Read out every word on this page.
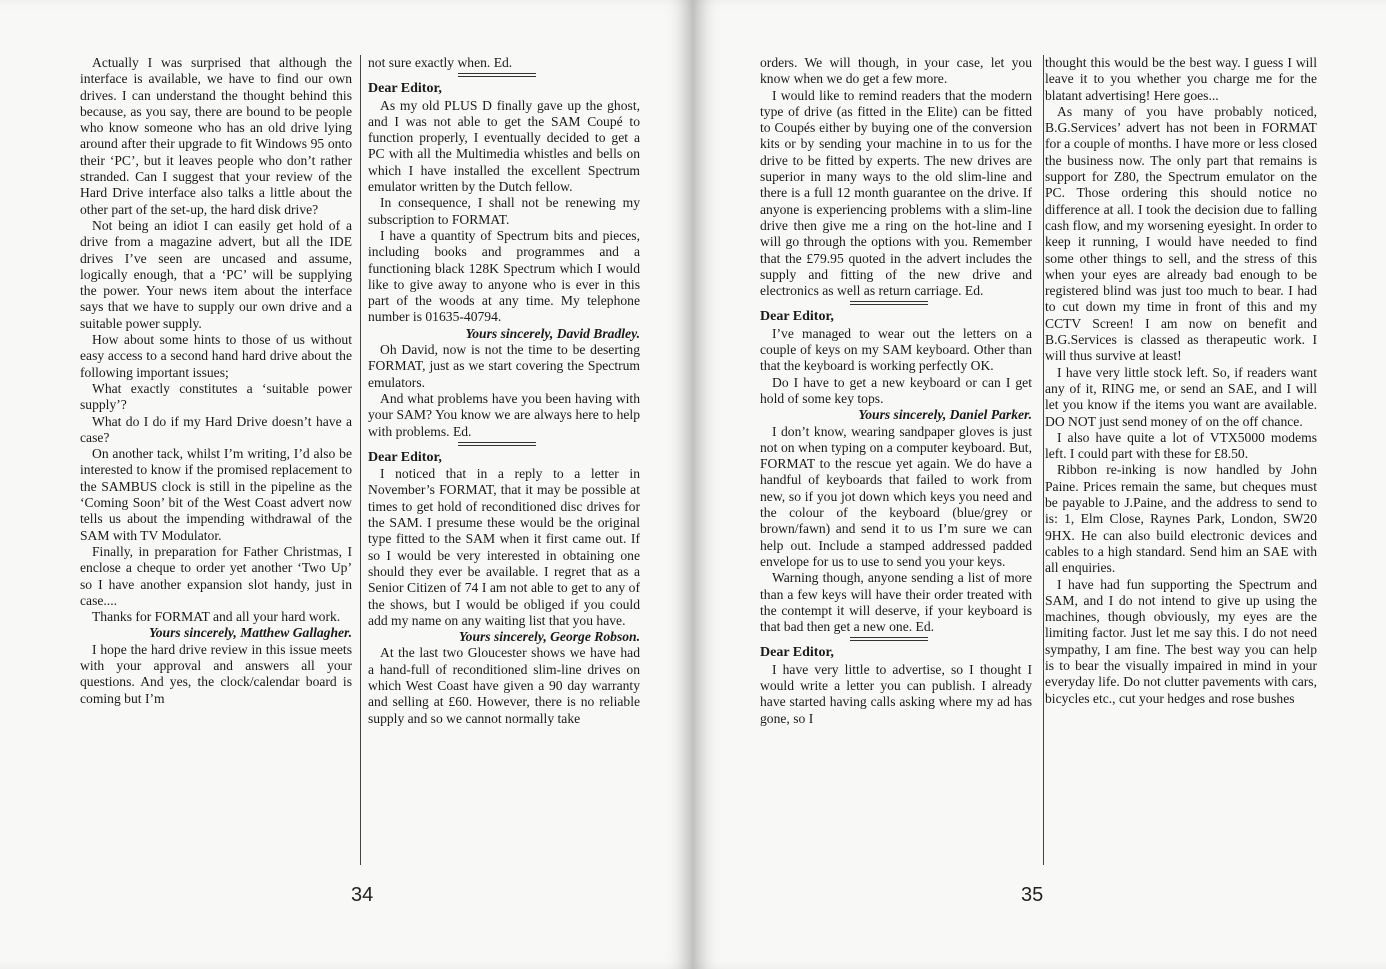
Actually I was surprised that although the interface is available, we have to find our own drives. I can understand the thought behind this because, as you say, there are bound to be people who know someone who has an old drive lying around after their upgrade to fit Windows 95 onto their ‘PC’, but it leaves people who don’t rather stranded. Can I suggest that your review of the Hard Drive interface also talks a little about the other part of the set-up, the hard disk drive?

Not being an idiot I can easily get hold of a drive from a magazine advert, but all the IDE drives I’ve seen are uncased and assume, logically enough, that a ‘PC’ will be supplying the power. Your news item about the interface says that we have to supply our own drive and a suitable power supply.

How about some hints to those of us without easy access to a second hand hard drive about the following important issues;

What exactly constitutes a ‘suitable power supply’?

What do I do if my Hard Drive doesn’t have a case?

On another tack, whilst I’m writing, I’d also be interested to know if the promised replacement to the SAMBUS clock is still in the pipeline as the ‘Coming Soon’ bit of the West Coast advert now tells us about the impending withdrawal of the SAM with TV Modulator.

Finally, in preparation for Father Christmas, I enclose a cheque to order yet another ‘Two Up’ so I have another expansion slot handy, just in case....

Thanks for FORMAT and all your hard work.

Yours sincerely, Matthew Gallagher.

I hope the hard drive review in this issue meets with your approval and answers all your questions. And yes, the clock/calendar board is coming but I’m

not sure exactly when. Ed.

Dear Editor,

As my old PLUS D finally gave up the ghost, and I was not able to get the SAM Coupé to function properly, I eventually decided to get a PC with all the Multimedia whistles and bells on which I have installed the excellent Spectrum emulator written by the Dutch fellow.

In consequence, I shall not be renewing my subscription to FORMAT.

I have a quantity of Spectrum bits and pieces, including books and programmes and a functioning black 128K Spectrum which I would like to give away to anyone who is ever in this part of the woods at any time. My telephone number is 01635-40794.

Yours sincerely, David Bradley.

Oh David, now is not the time to be deserting FORMAT, just as we start covering the Spectrum emulators.

And what problems have you been having with your SAM? You know we are always here to help with problems. Ed.

Dear Editor,

I noticed that in a reply to a letter in November’s FORMAT, that it may be possible at times to get hold of reconditioned disc drives for the SAM. I presume these would be the original type fitted to the SAM when it first came out. If so I would be very interested in obtaining one should they ever be available. I regret that as a Senior Citizen of 74 I am not able to get to any of the shows, but I would be obliged if you could add my name on any waiting list that you have.

Yours sincerely, George Robson.

At the last two Gloucester shows we have had a hand-full of reconditioned slim-line drives on which West Coast have given a 90 day warranty and selling at £60. However, there is no reliable supply and so we cannot normally take

34

orders. We will though, in your case, let you know when we do get a few more.

I would like to remind readers that the modern type of drive (as fitted in the Elite) can be fitted to Coupés either by buying one of the conversion kits or by sending your machine in to us for the drive to be fitted by experts. The new drives are superior in many ways to the old slim-line and there is a full 12 month guarantee on the drive. If anyone is experiencing problems with a slim-line drive then give me a ring on the hot-line and I will go through the options with you. Remember that the £79.95 quoted in the advert includes the supply and fitting of the new drive and electronics as well as return carriage. Ed.

Dear Editor,

I’ve managed to wear out the letters on a couple of keys on my SAM keyboard. Other than that the keyboard is working perfectly OK.

Do I have to get a new keyboard or can I get hold of some key tops.

Yours sincerely, Daniel Parker.

I don’t know, wearing sandpaper gloves is just not on when typing on a computer keyboard. But, FORMAT to the rescue yet again. We do have a handful of keyboards that failed to work from new, so if you jot down which keys you need and the colour of the keyboard (blue/grey or brown/fawn) and send it to us I’m sure we can help out. Include a stamped addressed padded envelope for us to use to send you your keys.

Warning though, anyone sending a list of more than a few keys will have their order treated with the contempt it will deserve, if your keyboard is that bad then get a new one. Ed.

Dear Editor,

I have very little to advertise, so I thought I would write a letter you can publish. I already have started having calls asking where my ad has gone, so I

thought this would be the best way. I guess I will leave it to you whether you charge me for the blatant advertising! Here goes...

As many of you have probably noticed, B.G.Services’ advert has not been in FORMAT for a couple of months. I have more or less closed the business now. The only part that remains is support for Z80, the Spectrum emulator on the PC. Those ordering this should notice no difference at all. I took the decision due to falling cash flow, and my worsening eyesight. In order to keep it running, I would have needed to find some other things to sell, and the stress of this when your eyes are already bad enough to be registered blind was just too much to bear. I had to cut down my time in front of this and my CCTV Screen! I am now on benefit and B.G.Services is classed as therapeutic work. I will thus survive at least!

I have very little stock left. So, if readers want any of it, RING me, or send an SAE, and I will let you know if the items you want are available. DO NOT just send money of on the off chance.

I also have quite a lot of VTX5000 modems left. I could part with these for £8.50.

Ribbon re-inking is now handled by John Paine. Prices remain the same, but cheques must be payable to J.Paine, and the address to send to is: 1, Elm Close, Raynes Park, London, SW20 9HX. He can also build electronic devices and cables to a high standard. Send him an SAE with all enquiries.

I have had fun supporting the Spectrum and SAM, and I do not intend to give up using the machines, though obviously, my eyes are the limiting factor. Just let me say this. I do not need sympathy, I am fine. The best way you can help is to bear the visually impaired in mind in your everyday life. Do not clutter pavements with cars, bicycles etc., cut your hedges and rose bushes

35
